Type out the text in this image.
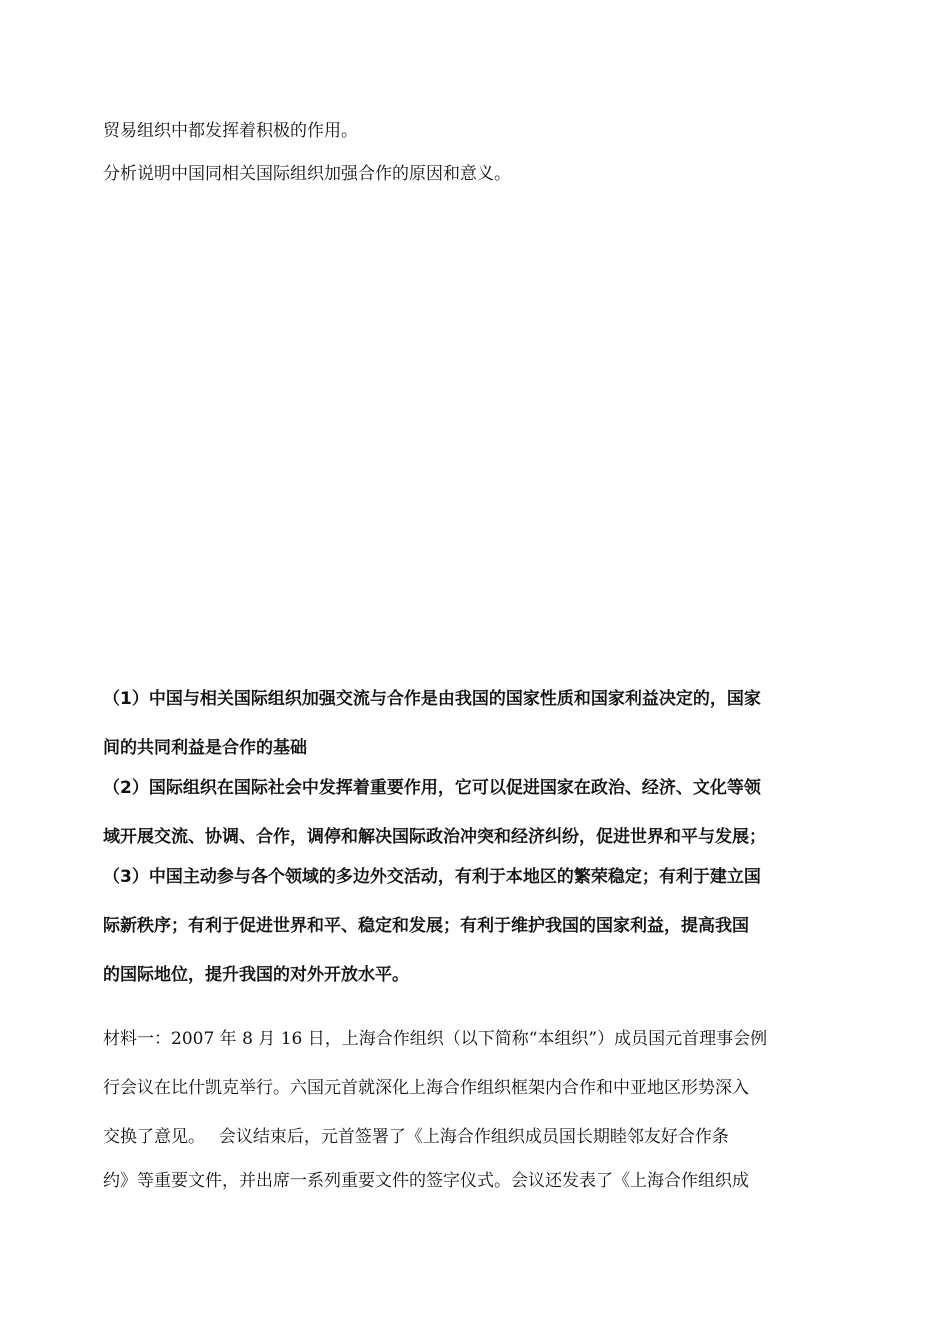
贸易组织中都发挥着积极的作用。
分析说明中国同相关国际组织加强合作的原因和意义。
（1）中国与相关国际组织加强交流与合作是由我国的国家性质和国家利益决定的，国家
间的共同利益是合作的基础
（2）国际组织在国际社会中发挥着重要作用，它可以促进国家在政治、经济、文化等领
域开展交流、协调、合作，调停和解决国际政治冲突和经济纠纷，促进世界和平与发展；
（3）中国主动参与各个领域的多边外交活动，有利于本地区的繁荣稳定；有利于建立国
际新秩序；有利于促进世界和平、稳定和发展；有利于维护我国的国家利益，提高我国
的国际地位，提升我国的对外开放水平。
材料一：2007 年 8 月 16 日，上海合作组织（以下简称“本组织”）成员国元首理事会例
行会议在比什凯克举行。六国元首就深化上海合作组织框架内合作和中亚地区形势深入
交换了意见。　 会议结束后，元首签署了《上海合作组织成员国长期睦邻友好合作条
约》等重要文件，并出席一系列重要文件的签字仪式。会议还发表了《上海合作组织成
